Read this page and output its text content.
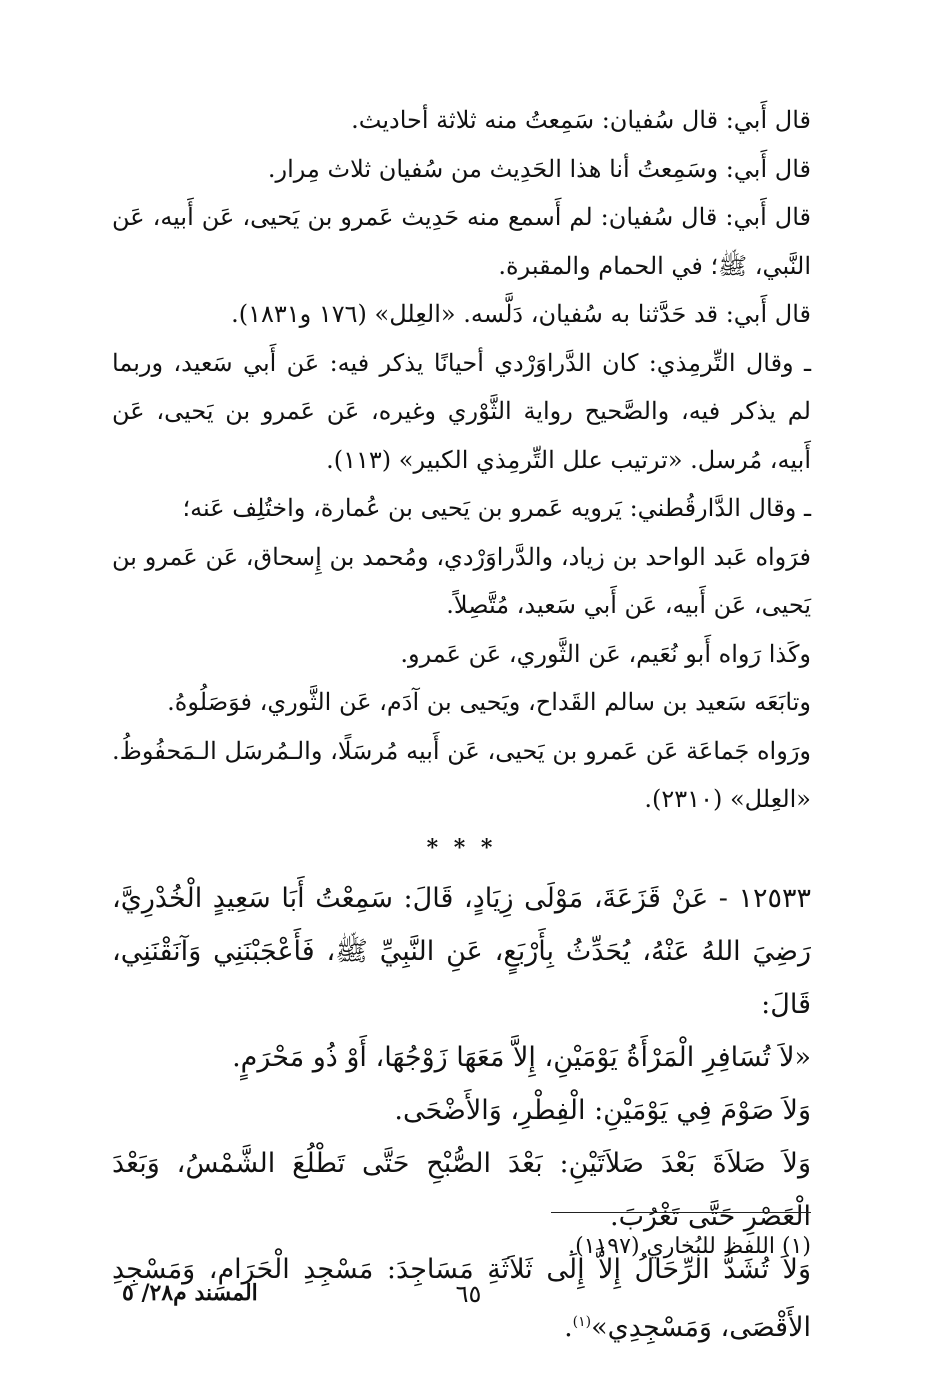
قال أَبي: قال سُفيان: سَمِعتُ منه ثلاثة أحاديث.

قال أَبي: وسَمِعتُ أنا هذا الحَدِيث من سُفيان ثلاث مِرار.

قال أَبي: قال سُفيان: لم أَسمع منه حَدِيث عَمرو بن يَحيى، عَن أَبيه، عَن النَّبي، ﷺ؛ في الحمام والمقبرة.

قال أَبي: قد حَدَّثنا به سُفيان، دَلَّسه. «العِلل» (١٧٦ و١٨٣١).

ـ وقال التِّرمِذي: كان الدَّراوَرْدي أحيانًا يذكر فيه: عَن أَبي سَعيد، وربما لم يذكر فيه، والصَّحيح رواية الثَّوْري وغيره، عَن عَمرو بن يَحيى، عَن أَبيه، مُرسل. «ترتيب علل التِّرمِذي الكبير» (١١٣).

ـ وقال الدَّارقُطني: يَرويه عَمرو بن يَحيى بن عُمارة، واختُلِف عَنه؛

فرَواه عَبد الواحد بن زياد، والدَّراوَرْدي، ومُحمد بن إِسحاق، عَن عَمرو بن يَحيى، عَن أَبيه، عَن أَبي سَعيد، مُتَّصِلاً.

وكَذا رَواه أَبو نُعَيم، عَن الثَّوري، عَن عَمرو.

وتابَعَه سَعيد بن سالم القَداح، ويَحيى بن آدَم، عَن الثَّوري، فوَصَلُوهُ.

ورَواه جَماعَة عَن عَمرو بن يَحيى، عَن أَبيه مُرسَلًا، والـمُرسَل الـمَحفُوظُ. «العِلل» (٢٣١٠).

* * *

١٢٥٣٣ - عَنْ قَزَعَةَ، مَوْلَى زِيَادٍ، قَالَ: سَمِعْتُ أَبَا سَعِيدٍ الْخُدْرِيَّ، رَضِيَ اللهُ عَنْهُ، يُحَدِّثُ بِأَرْبَعٍ، عَنِ النَّبِيِّ ﷺ، فَأَعْجَبْنَنِي وَآنَقْنَنِي، قَالَ:

«لاَ تُسَافِرِ الْمَرْأَةُ يَوْمَيْنِ، إِلاَّ مَعَهَا زَوْجُهَا، أَوْ ذُو مَحْرَمٍ.

وَلاَ صَوْمَ فِي يَوْمَيْنِ: الْفِطْرِ، وَالأَضْحَى.

وَلاَ صَلاَةَ بَعْدَ صَلاَتَيْنِ: بَعْدَ الصُّبْحِ حَتَّى تَطْلُعَ الشَّمْسُ، وَبَعْدَ الْعَصْرِ حَتَّى تَغْرُبَ.

وَلاَ تُشَدُّ الرِّحَالُ إِلاَّ إِلَى ثَلاَثَةِ مَسَاجِدَ: مَسْجِدِ الْحَرَامِ، وَمَسْجِدِ الأَقْصَى، وَمَسْجِدِي»$^{(١)}$.

(١) اللفظ للبُخاري (١١٩٧).
٦٥
المسند م٢٨/ ٥
